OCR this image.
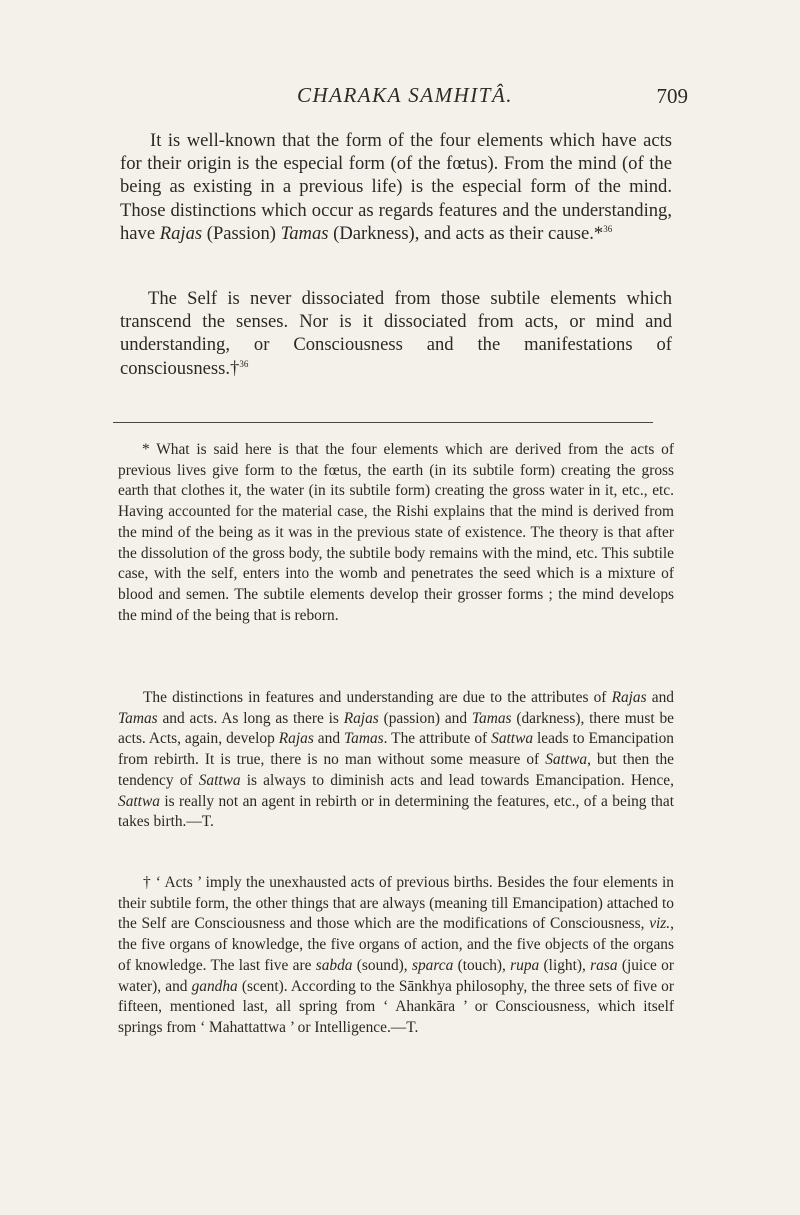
CHARAKA SAMHITÂ.	709

It is well-known that the form of the four elements which have acts for their origin is the especial form (of the fœtus). From the mind (of the being as existing in a previous life) is the especial form of the mind. Those distinctions which occur as regards features and the understanding, have Rajas (Passion) Tamas (Darkness), and acts as their cause.*$^{36}$

The Self is never dissociated from those subtile elements which transcend the senses. Nor is it dissociated from acts, or mind and understanding, or Consciousness and the manifestations of consciousness.†$^{36}$

* What is said here is that the four elements which are derived from the acts of previous lives give form to the fœtus, the earth (in its subtile form) creating the gross earth that clothes it, the water (in its subtile form) creating the gross water in it, etc., etc. Having accounted for the material case, the Rishi explains that the mind is derived from the mind of the being as it was in the previous state of existence. The theory is that after the dissolution of the gross body, the subtile body remains with the mind, etc. This subtile case, with the self, enters into the womb and penetrates the seed which is a mixture of blood and semen. The subtile elements develop their grosser forms ; the mind develops the mind of the being that is reborn.

The distinctions in features and understanding are due to the attributes of Rajas and Tamas and acts. As long as there is Rajas (passion) and Tamas (darkness), there must be acts. Acts, again, develop Rajas and Tamas. The attribute of Sattwa leads to Emancipation from rebirth. It is true, there is no man without some measure of Sattwa, but then the tendency of Sattwa is always to diminish acts and lead towards Emancipation. Hence, Sattwa is really not an agent in rebirth or in determining the features, etc., of a being that takes birth.—T.

† ‘ Acts ’ imply the unexhausted acts of previous births. Besides the four elements in their subtile form, the other things that are always (meaning till Emancipation) attached to the Self are Consciousness and those which are the modifications of Consciousness, viz., the five organs of knowledge, the five organs of action, and the five objects of the organs of knowledge. The last five are sabda (sound), sparca (touch), rupa (light), rasa (juice or water), and gandha (scent). According to the Sānkhya philosophy, the three sets of five or fifteen, mentioned last, all spring from ‘ Ahankāra ’ or Consciousness, which itself springs from ‘ Mahattattwa ’ or Intelligence.—T.
